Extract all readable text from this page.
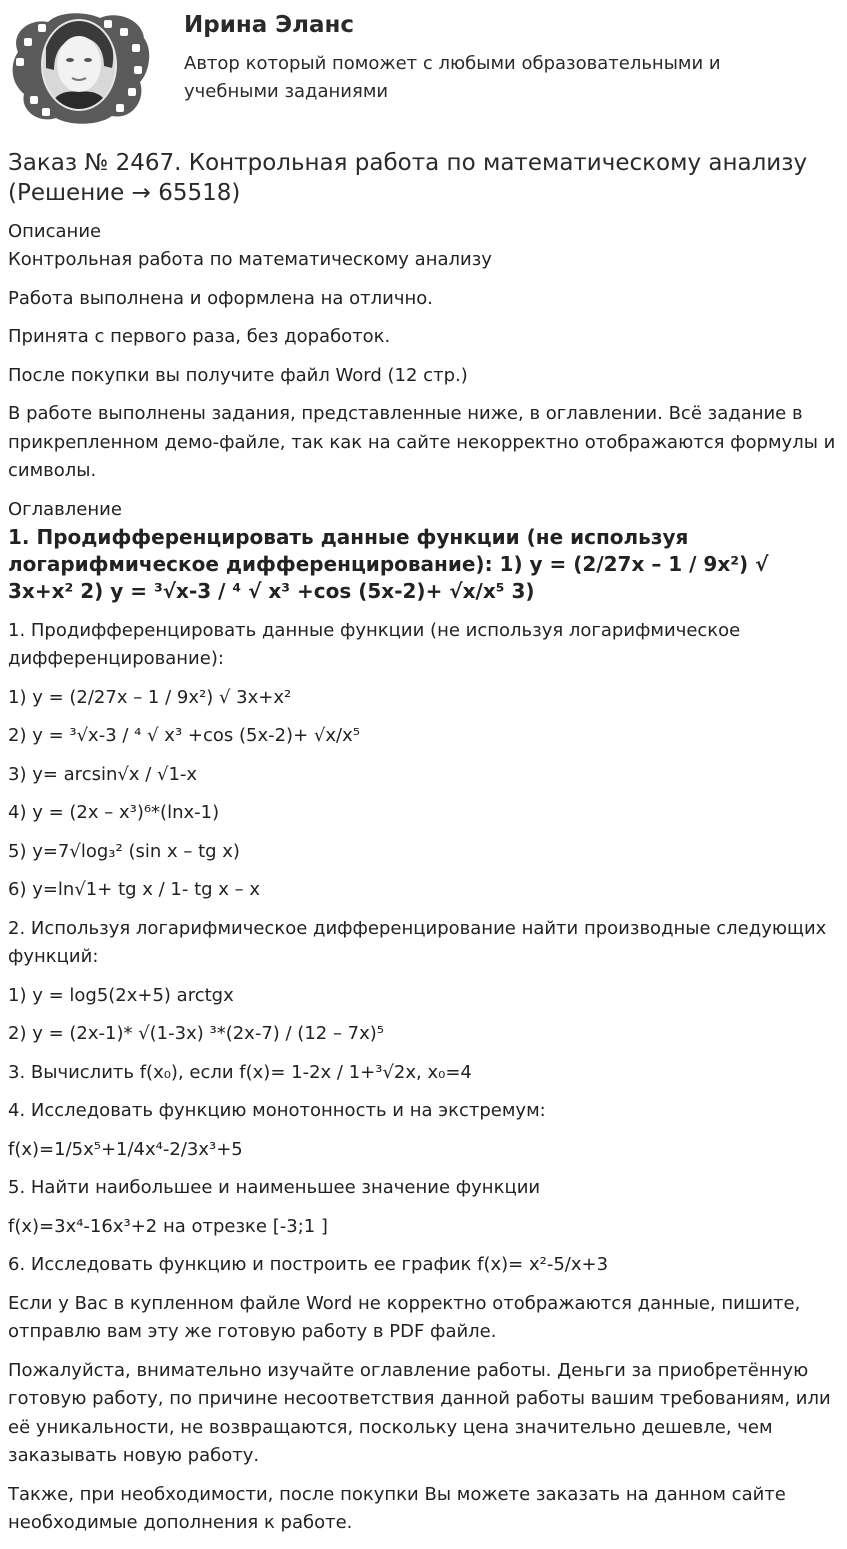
Ирина Эланс
Автор который поможет с любыми образовательными и учебными заданиями
Заказ № 2467. Контрольная работа по математическому анализу (Решение → 65518)
Описание

Контрольная работа по математическому анализу

Работа выполнена и оформлена на отлично.

Принята с первого раза, без доработок.

После покупки вы получите файл Word (12 стр.)

В работе выполнены задания, представленные ниже, в оглавлении. Всё задание в прикрепленном демо-файле, так как на сайте некорректно отображаются формулы и символы.

Оглавление
1. Продифференцировать данные функции (не используя логарифмическое дифференцирование): 1) y = (2/27x – 1 / 9x²) √ 3x+x² 2) y = ³√x-3 / ⁴ √ x³ +cos (5x-2)+ √x/x⁵ 3)

1. Продифференцировать данные функции (не используя логарифмическое дифференцирование):

1) y = (2/27x – 1 / 9x²) √ 3x+x²

2) y = ³√x-3 / ⁴ √ x³ +cos (5x-2)+ √x/x⁵

3) y= arcsin√x / √1-x

4) y = (2x – x³)⁶*(lnx-1)

5) y=7√log₃² (sin x – tg x)

6) y=ln√1+ tg x / 1- tg x – x

2. Используя логарифмическое дифференцирование найти производные следующих функций:

1) y = log5(2x+5) arctgx

2) y = (2x-1)* √(1-3x) ³*(2x-7) / (12 – 7x)⁵

3. Вычислить f(x₀), если f(x)= 1-2x / 1+³√2x, x₀=4

4. Исследовать функцию монотонность и на экстремум:

f(x)=1/5x⁵+1/4x⁴-2/3x³+5

5. Найти наибольшее и наименьшее значение функции

f(x)=3x⁴-16x³+2 на отрезке [-3;1 ]

6. Исследовать функцию и построить ее график f(x)= x²-5/x+3

Если у Вас в купленном файле Word не корректно отображаются данные, пишите, отправлю вам эту же готовую работу в PDF файле.

Пожалуйста, внимательно изучайте оглавление работы. Деньги за приобретённую готовую работу, по причине несоответствия данной работы вашим требованиям, или её уникальности, не возвращаются, поскольку цена значительно дешевле, чем заказывать новую работу.

Также, при необходимости, после покупки Вы можете заказать на данном сайте необходимые дополнения к работе.
